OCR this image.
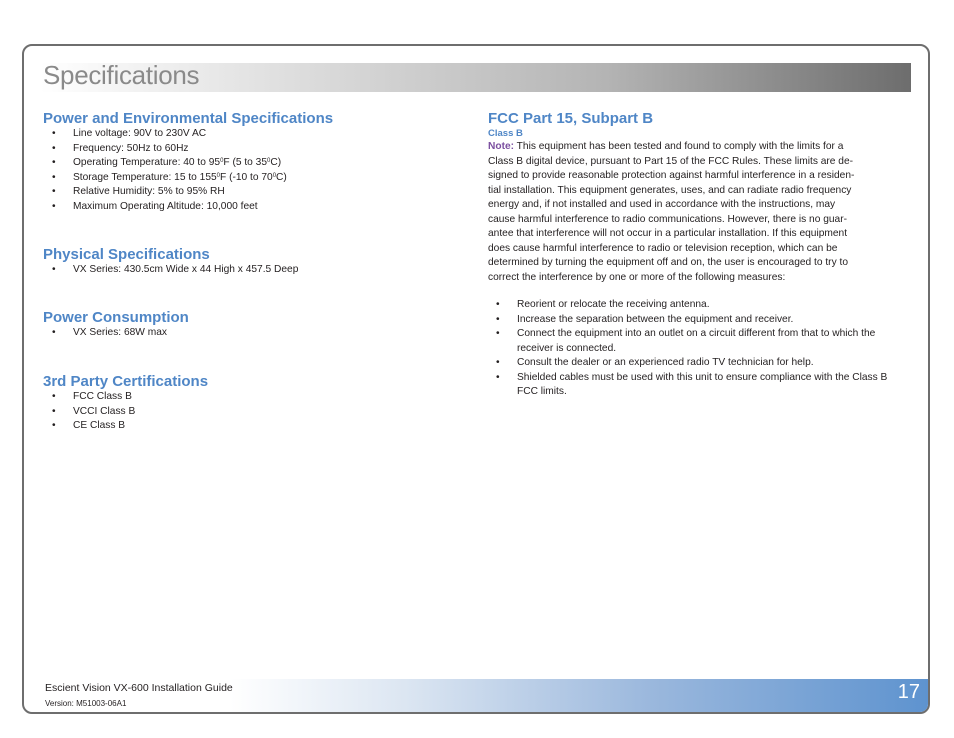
Specifications
Power and Environmental Specifications
• Line voltage: 90V to 230V AC
• Frequency: 50Hz to 60Hz
• Operating Temperature: 40 to $95^0F$ (5 to $35^0C$)
• Storage Temperature: 15 to $155^0F$ (-10 to $70^0C$)
• Relative Humidity: 5% to 95% RH
• Maximum Operating Altitude: 10,000 feet
Physical Specifications
• VX Series: 430.5cm Wide x 44 High x 457.5 Deep
Power Consumption
• VX Series: 68W max
3rd Party Certifications
• FCC Class B
• VCCI Class B
• CE Class B
FCC Part 15, Subpart B
Class B
Note: This equipment has been tested and found to comply with the limits for a
Class B digital device, pursuant to Part 15 of the FCC Rules. These limits are de-
signed to provide reasonable protection against harmful interference in a residen-
tial installation. This equipment generates, uses, and can radiate radio frequency
energy and, if not installed and used in accordance with the instructions, may
cause harmful interference to radio communications. However, there is no guar-
antee that interference will not occur in a particular installation. If this equipment
does cause harmful interference to radio or television reception, which can be
determined by turning the equipment off and on, the user is encouraged to try to
correct the interference by one or more of the following measures:
• Reorient or relocate the receiving antenna.
• Increase the separation between the equipment and receiver.
• Connect the equipment into an outlet on a circuit different from that to which the receiver is connected.
• Consult the dealer or an experienced radio TV technician for help.
• Shielded cables must be used with this unit to ensure compliance with the Class B FCC limits.
Escient Vision VX-600 Installation Guide
Version: M51003-06A1
17
